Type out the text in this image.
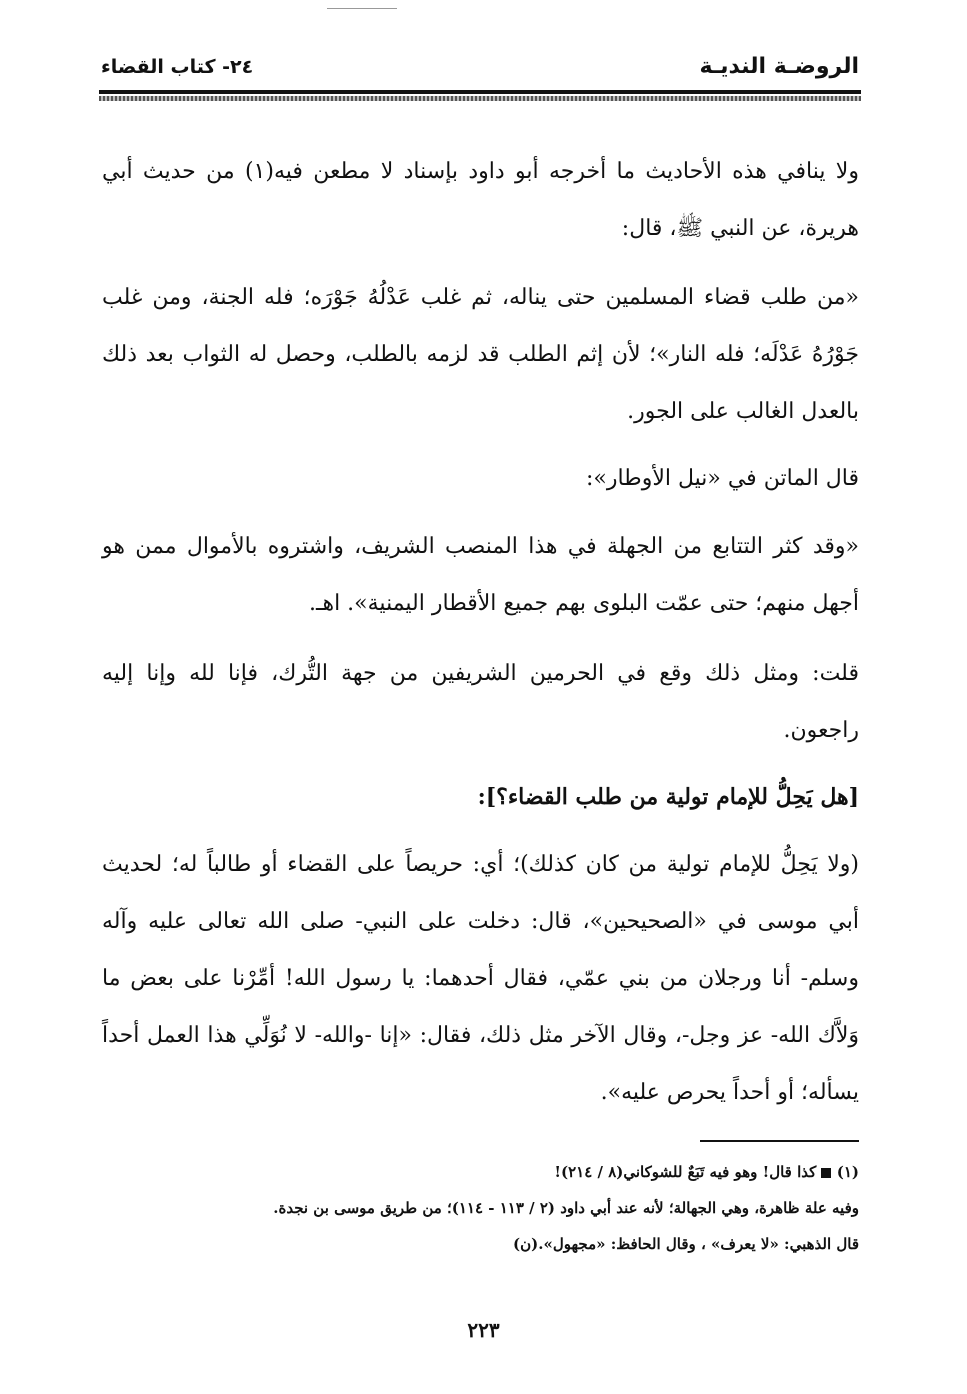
الروضـة النديـة
٢٤- كتاب القضاء

ولا ينافي هذه الأحاديث ما أخرجه أبو داود بإسناد لا مطعن فيه(١) من حديث أبي هريرة، عن النبي ﷺ، قال:

«من طلب قضاء المسلمين حتى يناله، ثم غلب عَدْلُهُ جَوْرَه؛ فله الجنة، ومن غلب جَوْرُهُ عَدْلَه؛ فله النار»؛ لأن إثم الطلب قد لزمه بالطلب، وحصل له الثواب بعد ذلك بالعدل الغالب على الجور.

قال الماتن في «نيل الأوطار»:

«وقد كثر التتابع من الجهلة في هذا المنصب الشريف، واشتروه بالأموال ممن هو أجهل منهم؛ حتى عمّت البلوى بهم جميع الأقطار اليمنية». اهـ.

قلت: ومثل ذلك وقع في الحرمين الشريفين من جهة التُّرك، فإنا لله وإنا إليه راجعون.

[هل يَحِلُّ للإمام تولية من طلب القضاء؟]:

(ولا يَحِلُّ للإمام تولية من كان كذلك)؛ أي: حريصاً على القضاء أو طالباً له؛ لحديث أبي موسى في «الصحيحين»، قال: دخلت على النبي- صلى الله تعالى عليه وآله وسلم- أنا ورجلان من بني عمّي، فقال أحدهما: يا رسول الله! أمِّرْنا على بعض ما وَلاَّك الله- عز وجل-، وقال الآخر مثل ذلك، فقال: «إنا -والله- لا نُوَلِّي هذا العمل أحداً يسأله؛ أو أحداً يحرص عليه».

(١)  كذا قال! وهو فيه تَبَعٌ للشوكاني(٨ / ٢١٤)!

وفيه علة ظاهرة، وهي الجهالة؛ لأنه عند أبي داود (٢ / ١١٣ - ١١٤)؛ من طريق موسى بن نجدة.

قال الذهبي: «لا يعرف» ، وقال الحافظ: «مجهول».(ن)

٢٢٣
